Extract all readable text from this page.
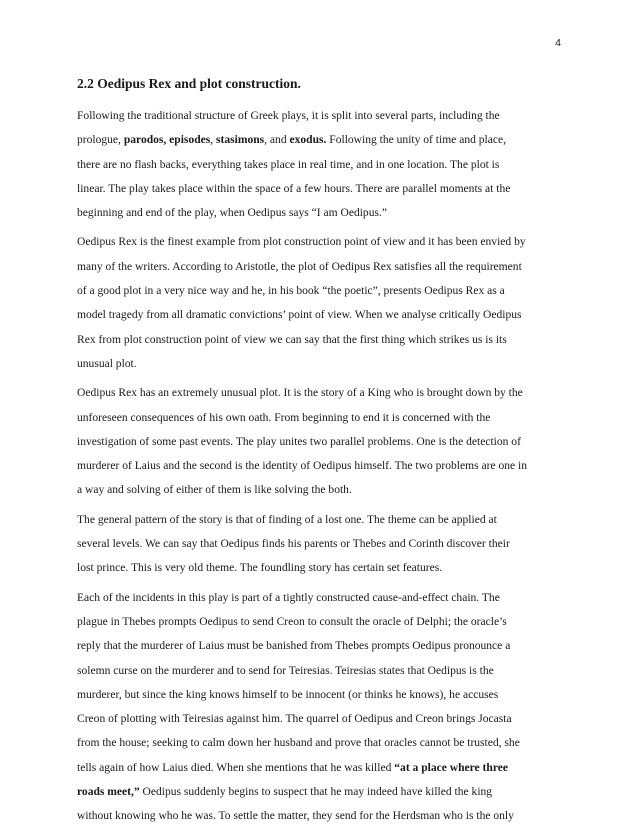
4
2.2 Oedipus Rex and plot construction.

Following the traditional structure of Greek plays, it is split into several parts, including the
prologue, parodos, episodes, stasimons, and exodus. Following the unity of time and place,
there are no flash backs, everything takes place in real time, and in one location. The plot is
linear. The play takes place within the space of a few hours. There are parallel moments at the
beginning and end of the play, when Oedipus says “I am Oedipus.”

Oedipus Rex is the finest example from plot construction point of view and it has been envied by
many of the writers. According to Aristotle, the plot of Oedipus Rex satisfies all the requirement
of a good plot in a very nice way and he, in his book “the poetic”, presents Oedipus Rex as a
model tragedy from all dramatic convictions’ point of view. When we analyse critically Oedipus
Rex from plot construction point of view we can say that the first thing which strikes us is its
unusual plot.

Oedipus Rex has an extremely unusual plot. It is the story of a King who is brought down by the
unforeseen consequences of his own oath. From beginning to end it is concerned with the
investigation of some past events. The play unites two parallel problems. One is the detection of
murderer of Laius and the second is the identity of Oedipus himself. The two problems are one in
a way and solving of either of them is like solving the both.

The general pattern of the story is that of finding of a lost one. The theme can be applied at
several levels. We can say that Oedipus finds his parents or Thebes and Corinth discover their
lost prince. This is very old theme. The foundling story has certain set features.

Each of the incidents in this play is part of a tightly constructed cause-and-effect chain. The
plague in Thebes prompts Oedipus to send Creon to consult the oracle of Delphi; the oracle’s
reply that the murderer of Laius must be banished from Thebes prompts Oedipus pronounce a
solemn curse on the murderer and to send for Teiresias. Teiresias states that Oedipus is the
murderer, but since the king knows himself to be innocent (or thinks he knows), he accuses
Creon of plotting with Teiresias against him. The quarrel of Oedipus and Creon brings Jocasta
from the house; seeking to calm down her husband and prove that oracles cannot be trusted, she
tells again of how Laius died. When she mentions that he was killed “at a place where three
roads meet,” Oedipus suddenly begins to suspect that he may indeed have killed the king
without knowing who he was. To settle the matter, they send for the Herdsman who is the only
